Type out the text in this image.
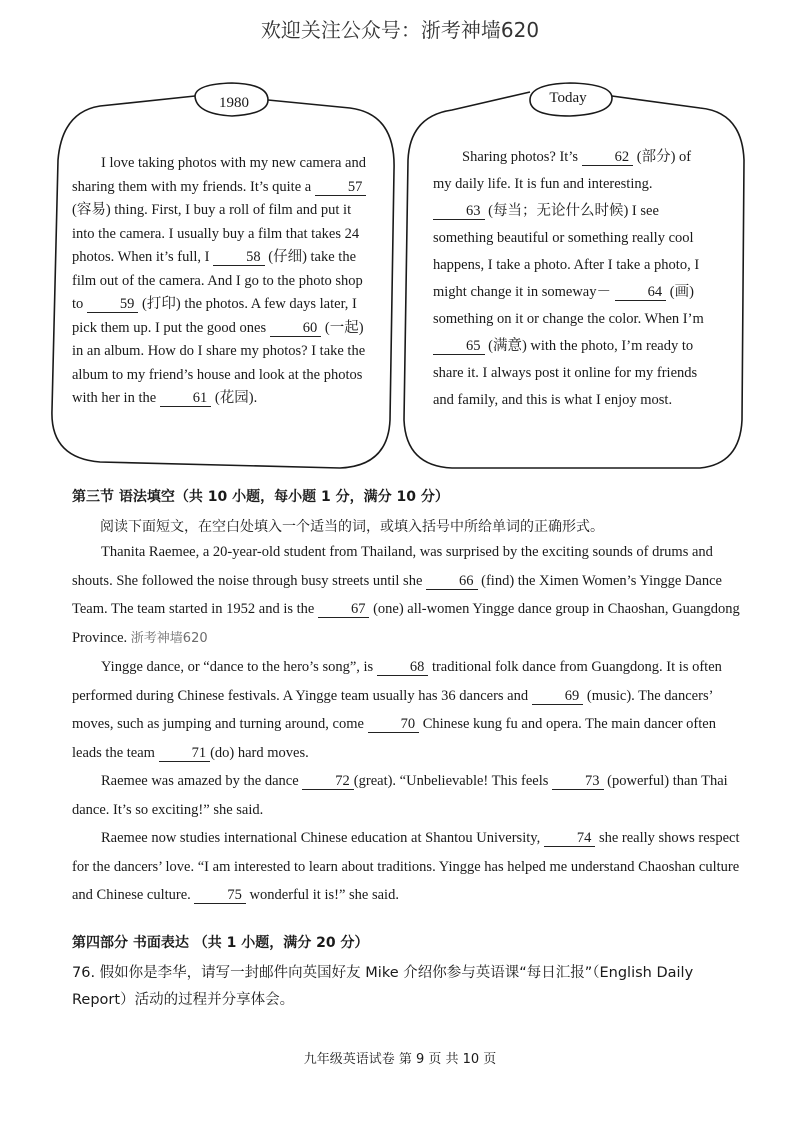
欢迎关注公众号：浙考神墙620
1980	Today
I love taking photos with my new camera and sharing them with my friends. It’s quite a 57 (容易) thing. First, I buy a roll of film and put it into the camera. I usually buy a film that takes 24 photos. When it’s full, I 58 (仔细) take the film out of the camera. And I go to the photo shop to 59 (打印) the photos. A few days later, I pick them up. I put the good ones 60 (一起) in an album. How do I share my photos? I take the album to my friend’s house and look at the photos with her in the 61 (花园).
Sharing photos? It’s 62 (部分) of my daily life. It is fun and interesting. 63 (每当；无论什么时候) I see something beautiful or something really cool happens, I take a photo. After I take a photo, I might change it in someway－ 64 (画) something on it or change the color. When I’m 65 (满意) with the photo, I’m ready to share it. I always post it online for my friends and family, and this is what I enjoy most.
第三节 语法填空（共 10 小题，每小题 1 分，满分 10 分）
阅读下面短文，在空白处填入一个适当的词，或填入括号中所给单词的正确形式。

Thanita Raemee, a 20-year-old student from Thailand, was surprised by the exciting sounds of drums and shouts. She followed the noise through busy streets until she 66 (find) the Ximen Women’s Yingge Dance Team. The team started in 1952 and is the 67 (one) all-women Yingge dance group in Chaoshan, Guangdong Province. 浙考神墙620

Yingge dance, or “dance to the hero’s song”, is 68 traditional folk dance from Guangdong. It is often performed during Chinese festivals. A Yingge team usually has 36 dancers and 69 (music). The dancers’ moves, such as jumping and turning around, come 70 Chinese kung fu and opera. The main dancer often leads the team 71 (do) hard moves.

Raemee was amazed by the dance 72 (great). “Unbelievable! This feels 73 (powerful) than Thai dance. It’s so exciting!” she said.

Raemee now studies international Chinese education at Shantou University, 74 she really shows respect for the dancers’ love. “I am interested to learn about traditions. Yingge has helped me understand Chaoshan culture and Chinese culture. 75 wonderful it is!” she said.

第四部分 书面表达 （共 1 小题，满分 20 分）
76. 假如你是李华，请写一封邮件向英国好友 Mike 介绍你参与英语课“每日汇报”（English Daily Report）活动的过程并分享体会。
九年级英语试卷 第 9 页 共 10 页
